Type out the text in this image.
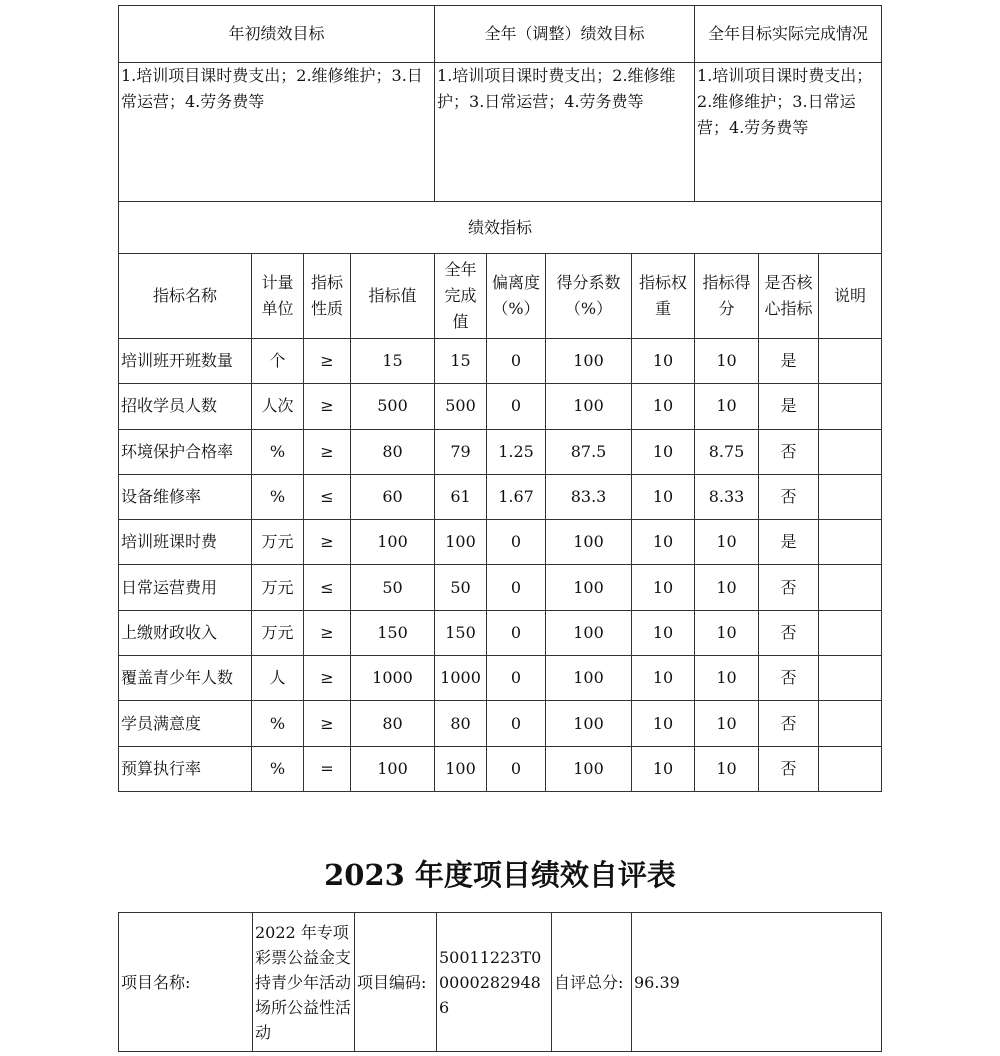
年初绩效目标				全年（调整）绩效目标				全年目标实际完成情况		
1.培训项目课时费支出；2.维修维护；3.日常运营；4.劳务费等				1.培训项目课时费支出；2.维修维护；3.日常运营；4.劳务费等				1.培训项目课时费支出；2.维修维护；3.日常运营；4.劳务费等		
绩效指标										
指标名称	计量单位	指标性质	指标值	全年完成值	偏离度（%）	得分系数（%）	指标权重	指标得分	是否核心指标	说明
培训班开班数量	个	≥	15	15	0	100	10	10	是	
招收学员人数	人次	≥	500	500	0	100	10	10	是	
环境保护合格率	%	≥	80	79	1.25	87.5	10	8.75	否	
设备维修率	%	≤	60	61	1.67	83.3	10	8.33	否	
培训班课时费	万元	≥	100	100	0	100	10	10	是	
日常运营费用	万元	≤	50	50	0	100	10	10	否	
上缴财政收入	万元	≥	150	150	0	100	10	10	否	
覆盖青少年人数	人	≥	1000	1000	0	100	10	10	否	
学员满意度	%	≥	80	80	0	100	10	10	否	
预算执行率	%	=	100	100	0	100	10	10	否	
2023 年度项目绩效自评表
项目名称:	2022 年专项彩票公益金支持青少年活动场所公益性活动	项目编码:	50011223T000002829486	自评总分:	96.39
